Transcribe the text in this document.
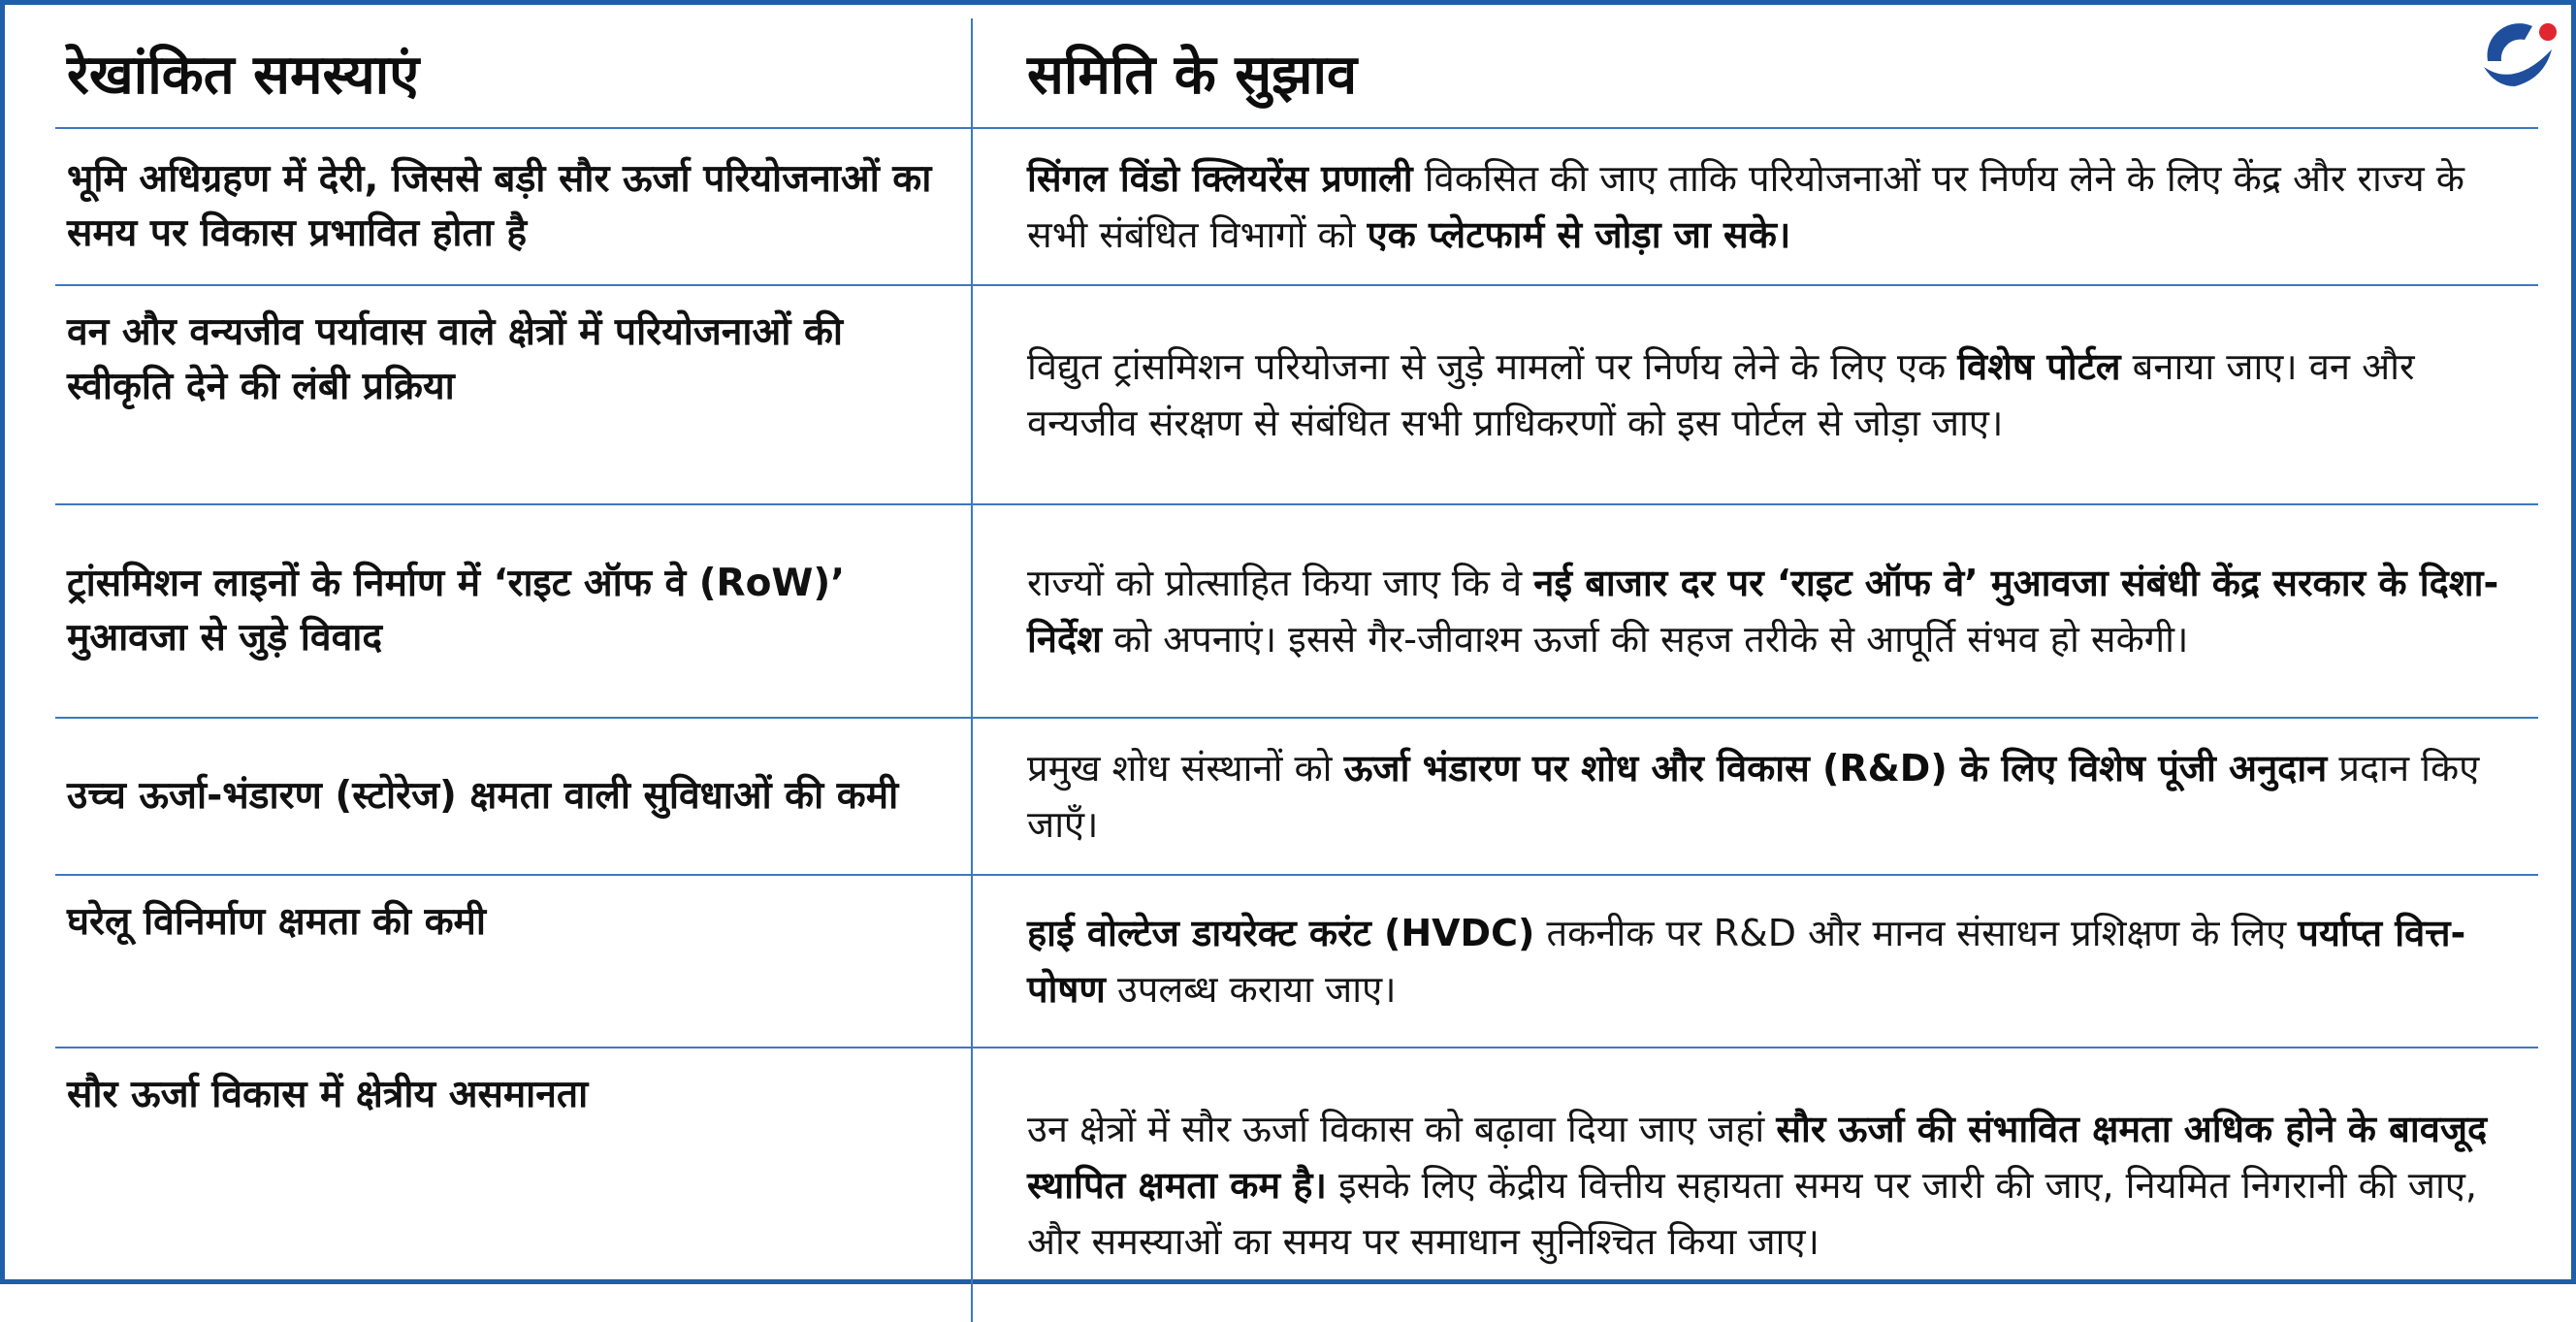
रेखांकित समस्याएं	समिति के सुझाव
भूमि अधिग्रहण में देरी, जिससे बड़ी सौर ऊर्जा परियोजनाओं का समय पर विकास प्रभावित होता है	सिंगल विंडो क्लियरेंस प्रणाली विकसित की जाए ताकि परियोजनाओं पर निर्णय लेने के लिए केंद्र और राज्य के सभी संबंधित विभागों को एक प्लेटफार्म से जोड़ा जा सके।
वन और वन्यजीव पर्यावास वाले क्षेत्रों में परियोजनाओं की स्वीकृति देने की लंबी प्रक्रिया	विद्युत ट्रांसमिशन परियोजना से जुड़े मामलों पर निर्णय लेने के लिए एक विशेष पोर्टल बनाया जाए। वन और वन्यजीव संरक्षण से संबंधित सभी प्राधिकरणों को इस पोर्टल से जोड़ा जाए।
ट्रांसमिशन लाइनों के निर्माण में ‘राइट ऑफ वे (RoW)’ मुआवजा से जुड़े विवाद	राज्यों को प्रोत्साहित किया जाए कि वे नई बाजार दर पर ‘राइट ऑफ वे’ मुआवजा संबंधी केंद्र सरकार के दिशा-निर्देश को अपनाएं। इससे गैर-जीवाश्म ऊर्जा की सहज तरीके से आपूर्ति संभव हो सकेगी।
उच्च ऊर्जा-भंडारण (स्टोरेज) क्षमता वाली सुविधाओं की कमी	प्रमुख शोध संस्थानों को ऊर्जा भंडारण पर शोध और विकास (R&D) के लिए विशेष पूंजी अनुदान प्रदान किए जाएँ।
घरेलू विनिर्माण क्षमता की कमी	हाई वोल्टेज डायरेक्ट करंट (HVDC) तकनीक पर R&D और मानव संसाधन प्रशिक्षण के लिए पर्याप्त वित्त-पोषण उपलब्ध कराया जाए।
सौर ऊर्जा विकास में क्षेत्रीय असमानता	उन क्षेत्रों में सौर ऊर्जा विकास को बढ़ावा दिया जाए जहां सौर ऊर्जा की संभावित क्षमता अधिक होने के बावजूद स्थापित क्षमता कम है। इसके लिए केंद्रीय वित्तीय सहायता समय पर जारी की जाए, नियमित निगरानी की जाए, और समस्याओं का समय पर समाधान सुनिश्चित किया जाए।
